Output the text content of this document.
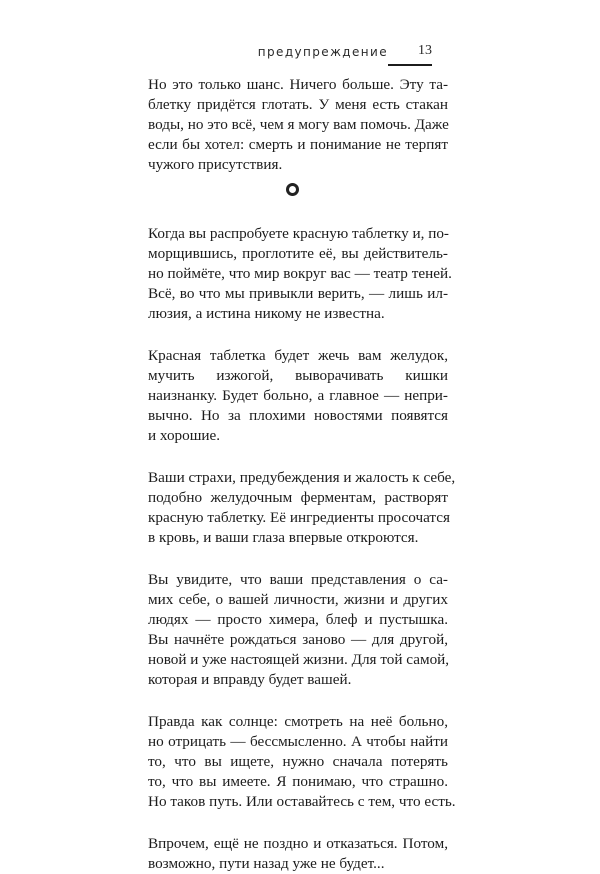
предупреждение 13
Но это только шанс. Ничего больше. Эту та-
блетку придётся глотать. У меня есть стакан
воды, но это всё, чем я могу вам помочь. Даже
если бы хотел: смерть и понимание не терпят
чужого присутствия.
Когда вы распробуете красную таблетку и, по-
морщившись, проглотите её, вы действитель-
но поймёте, что мир вокруг вас — театр теней.
Всё, во что мы привыкли верить, — лишь ил-
люзия, а истина никому не известна.
Красная таблетка будет жечь вам желудок,
мучить изжогой, выворачивать кишки
наизнанку. Будет больно, а главное — непри-
вычно. Но за плохими новостями появятся
и хорошие.
Ваши страхи, предубеждения и жалость к себе,
подобно желудочным ферментам, растворят
красную таблетку. Её ингредиенты просочатся
в кровь, и ваши глаза впервые откроются.
Вы увидите, что ваши представления о са-
мих себе, о вашей личности, жизни и других
людях — просто химера, блеф и пустышка.
Вы начнёте рождаться заново — для другой,
новой и уже настоящей жизни. Для той самой,
которая и вправду будет вашей.
Правда как солнце: смотреть на неё больно,
но отрицать — бессмысленно. А чтобы найти
то, что вы ищете, нужно сначала потерять
то, что вы имеете. Я понимаю, что страшно.
Но таков путь. Или оставайтесь с тем, что есть.
Впрочем, ещё не поздно и отказаться. Потом,
возможно, пути назад уже не будет...
